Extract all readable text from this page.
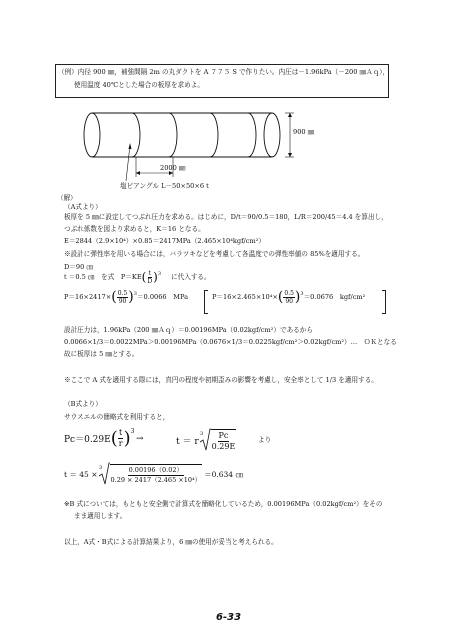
（例）内径 900 ㎜，補強間隔 2m の丸ダクトを A ７７５ S で作りたい。内圧は－1.96kPa（－200 ㎜Ａｑ），
使用温度 40℃とした場合の板厚を求めよ。
900 ㎜
2000 ㎜
塩ビアングル L－50×50×6 t
（解）
（A式より）
板厚を 5 ㎜に設定してつぶれ圧力を求める。はじめに，D/t＝90/0.5＝180，L/R＝200/45＝4.4 を算出し，
つぶれ係数を図より求めると，K＝16 となる。
E＝2844（2.9×10⁴）×0.85＝2417MPa（2.465×10⁴kgf/cm²）
※設計に弾性率を用いる場合には，バラツキなどを考慮して各温度での弾性率値の 85%を適用する。
D＝90 ㎝
t ＝0.5 ㎝　を式　P＝KE ( $\frac{t}{D} )^3$ に代入する。
P＝16×2417× ( $\frac{0.5}{90} )^3 =0.0066$　MPa	P＝16×2.465×10⁴× ( $\frac{0.5}{90} )^3 =0.0676$　kgf/cm²
設計圧力は，1.96kPa（200 ㎜Ａｑ）＝0.00196MPa（0.02kgf/cm²）であるから
0.0066×1/3＝0.0022MPa＞0.00196MPa（0.0676×1/3＝0.0225kgf/cm²＞0.02kgf/cm²）…　ＯＫとなる
故に板厚は 5 ㎜とする。
※ここで A 式を適用する際には，真円の程度や初期歪みの影響を考慮し，安全率として 1/3 を適用する。
（B式より）
サウスエルの簡略式を利用すると，
Pc＝0.29E ( $\frac{t}{r} )^3$
→	t ＝ r
$3 \frac{Pc}{0.29E}$	より
t ＝ 45 ×
$3 \frac{0.00196(0.02)}{\text{0.29 × 2417（2.465 ×10⁴）}} =0.634$ ㎝
※B 式については，もともと安全側で計算式を簡略化しているため，0.00196MPa（0.02kgf/cm²）をその
まま適用します。
以上，A式・B式による計算結果より，6 ㎜の使用が妥当と考えられる。
6-33
